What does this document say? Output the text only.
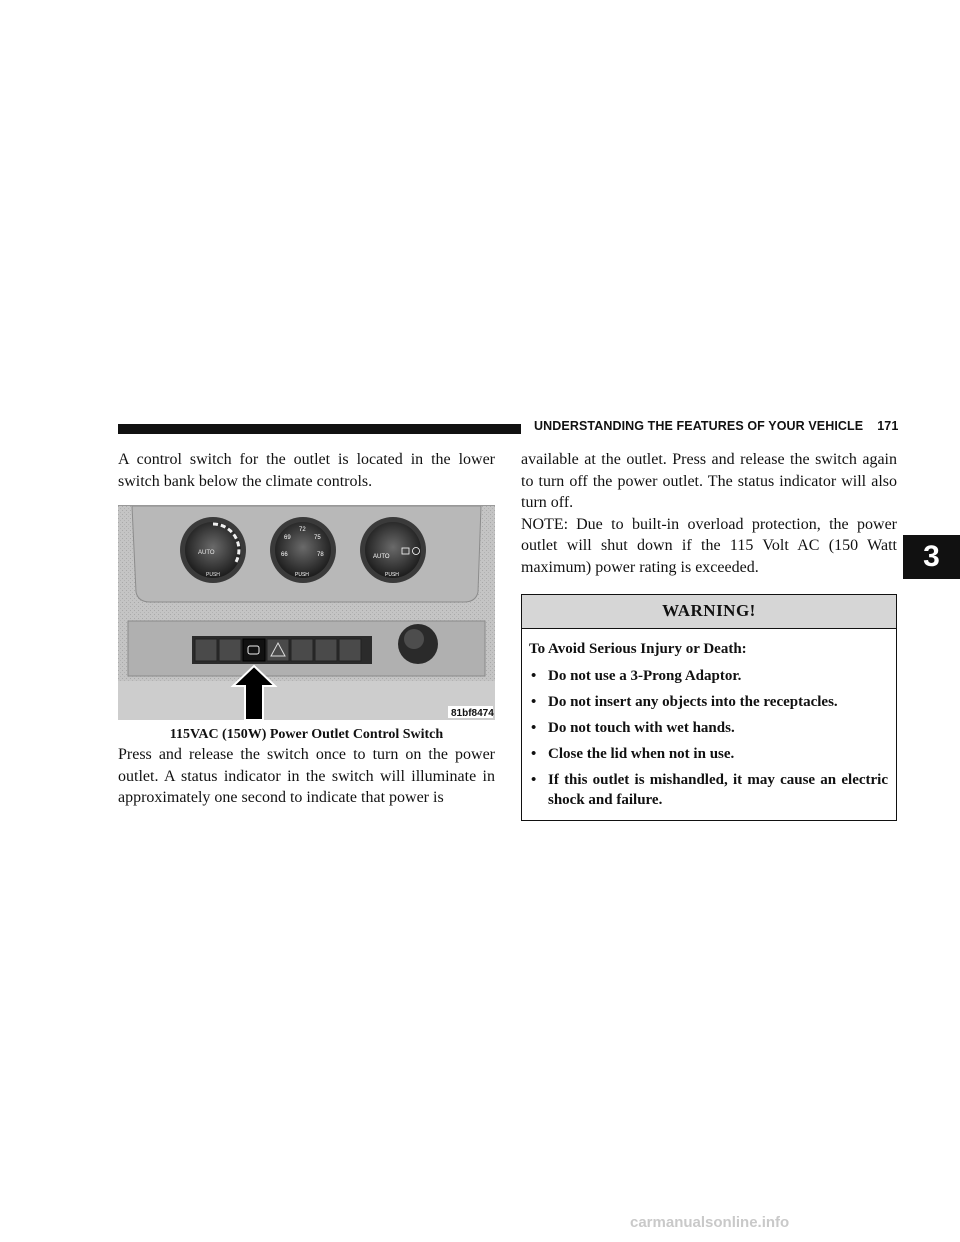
UNDERSTANDING THE FEATURES OF YOUR VEHICLE 171
3

A control switch for the outlet is located in the lower switch bank below the climate controls.

AUTO
PUSH
72
69	75
66	78
PUSH
AUTO
PUSH
81bf8474
115VAC (150W) Power Outlet Control Switch

Press and release the switch once to turn on the power outlet. A status indicator in the switch will illuminate in approximately one second to indicate that power is

available at the outlet. Press and release the switch again to turn off the power outlet. The status indicator will also turn off.

NOTE: Due to built-in overload protection, the power outlet will shut down if the 115 Volt AC (150 Watt maximum) power rating is exceeded.

WARNING!
To Avoid Serious Injury or Death:
• Do not use a 3-Prong Adaptor.
• Do not insert any objects into the receptacles.
• Do not touch with wet hands.
• Close the lid when not in use.
• If this outlet is mishandled, it may cause an electric shock and failure.
carmanualsonline.info
